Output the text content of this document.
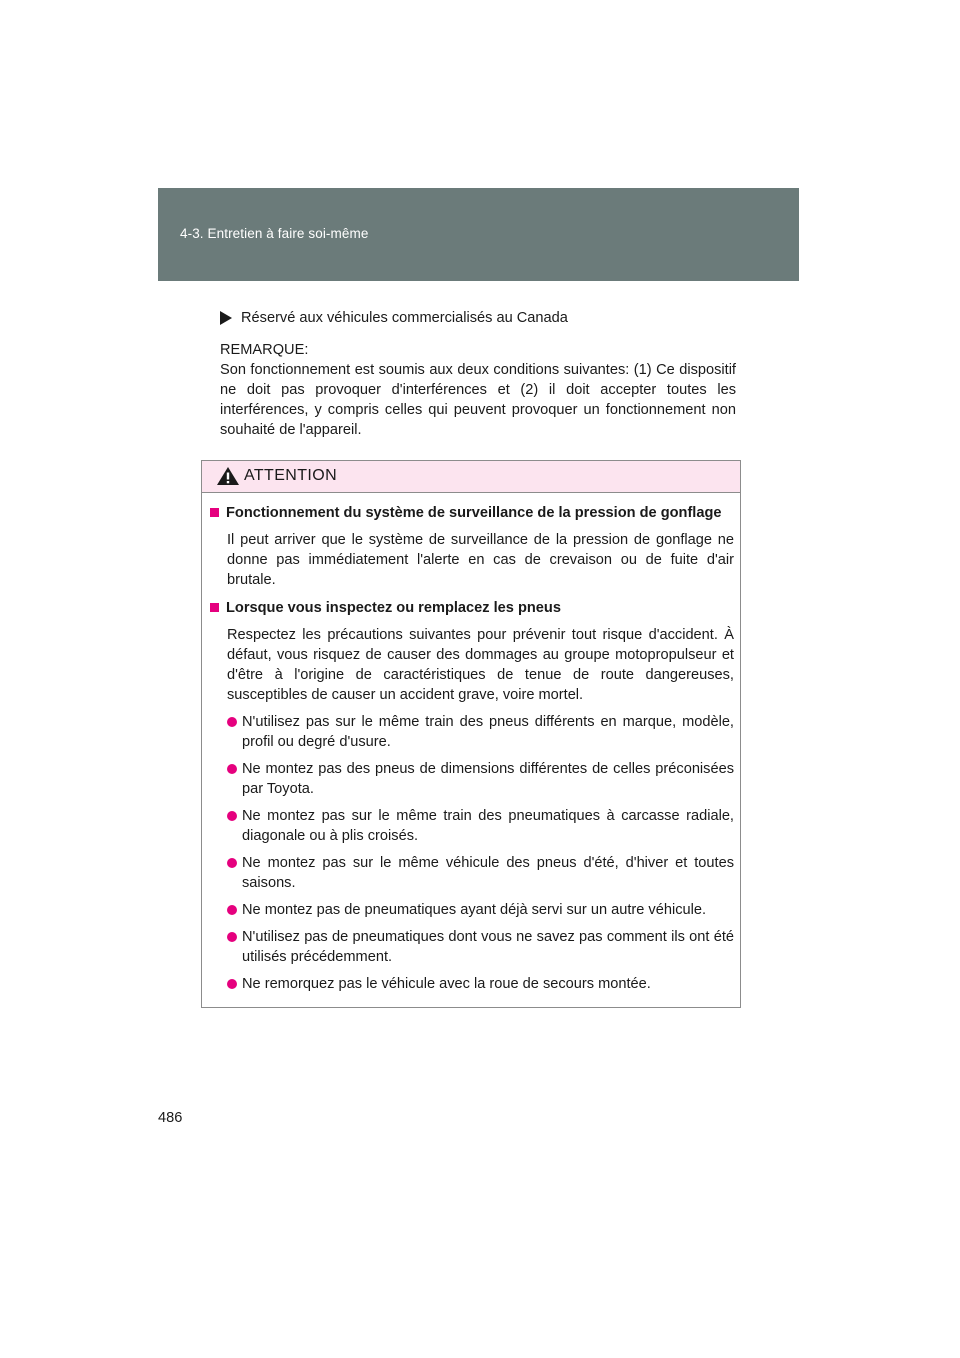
4-3. Entretien à faire soi-même
Réservé aux véhicules commercialisés au Canada
REMARQUE:
Son fonctionnement est soumis aux deux conditions suivantes: (1) Ce dispositif ne doit pas provoquer d'interférences et (2) il doit accepter toutes les interférences, y compris celles qui peuvent provoquer un fonctionnement non souhaité de l'appareil.
ATTENTION
Fonctionnement du système de surveillance de la pression de gonflage
Il peut arriver que le système de surveillance de la pression de gonflage ne donne pas immédiatement l'alerte en cas de crevaison ou de fuite d'air brutale.
Lorsque vous inspectez ou remplacez les pneus
Respectez les précautions suivantes pour prévenir tout risque d'accident. À défaut, vous risquez de causer des dommages au groupe motopropulseur et d'être à l'origine de caractéristiques de tenue de route dangereuses, susceptibles de causer un accident grave, voire mortel.
N'utilisez pas sur le même train des pneus différents en marque, modèle, profil ou degré d'usure.
Ne montez pas des pneus de dimensions différentes de celles préconisées par Toyota.
Ne montez pas sur le même train des pneumatiques à carcasse radiale, diagonale ou à plis croisés.
Ne montez pas sur le même véhicule des pneus d'été, d'hiver et toutes saisons.
Ne montez pas de pneumatiques ayant déjà servi sur un autre véhicule.
N'utilisez pas de pneumatiques dont vous ne savez pas comment ils ont été utilisés précédemment.
Ne remorquez pas le véhicule avec la roue de secours montée.
486
